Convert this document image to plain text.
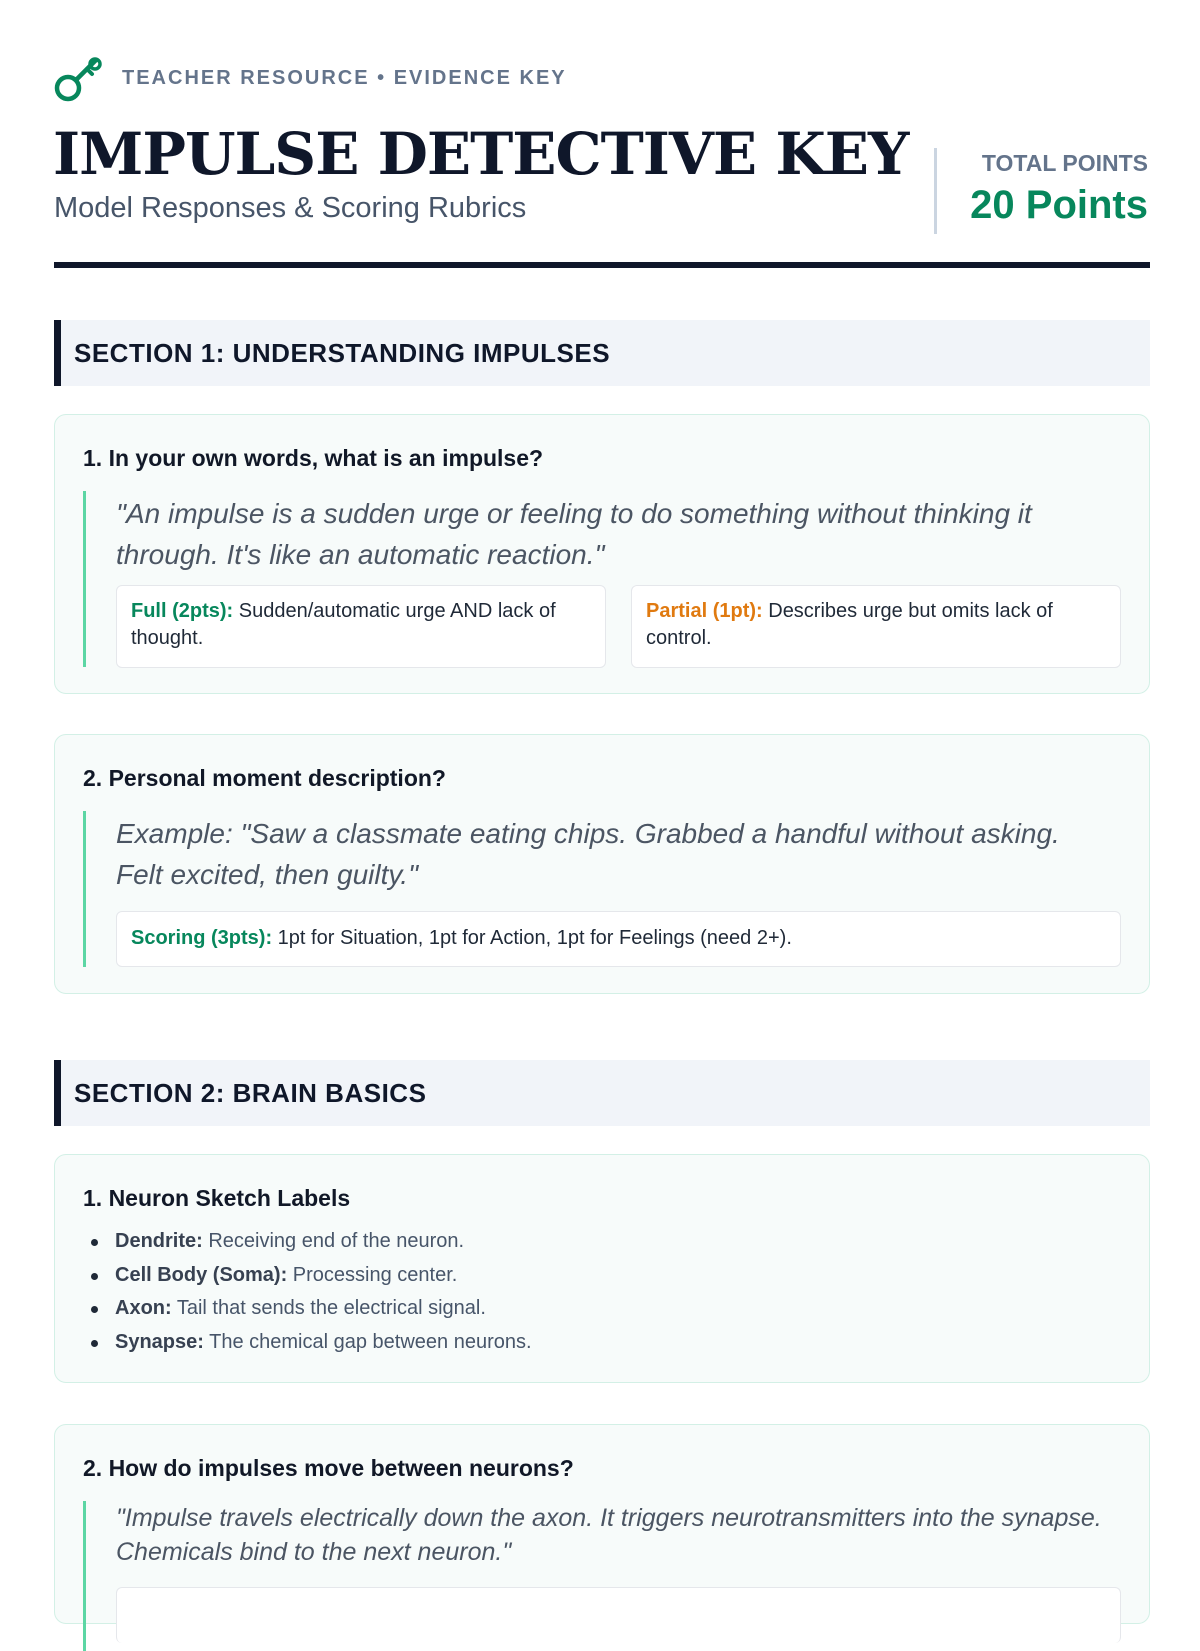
TEACHER RESOURCE • EVIDENCE KEY
IMPULSE DETECTIVE KEY
Model Responses & Scoring Rubrics
TOTAL POINTS
20 Points
SECTION 1: UNDERSTANDING IMPULSES
1. In your own words, what is an impulse?
"An impulse is a sudden urge or feeling to do something without thinking it through. It's like an automatic reaction."
Full (2pts): Sudden/automatic urge AND lack of thought.
Partial (1pt): Describes urge but omits lack of control.
2. Personal moment description?
Example: "Saw a classmate eating chips. Grabbed a handful without asking. Felt excited, then guilty."
Scoring (3pts): 1pt for Situation, 1pt for Action, 1pt for Feelings (need 2+).
SECTION 2: BRAIN BASICS
1. Neuron Sketch Labels
Dendrite: Receiving end of the neuron.
Cell Body (Soma): Processing center.
Axon: Tail that sends the electrical signal.
Synapse: The chemical gap between neurons.
2. How do impulses move between neurons?
"Impulse travels electrically down the axon. It triggers neurotransmitters into the synapse. Chemicals bind to the next neuron."
